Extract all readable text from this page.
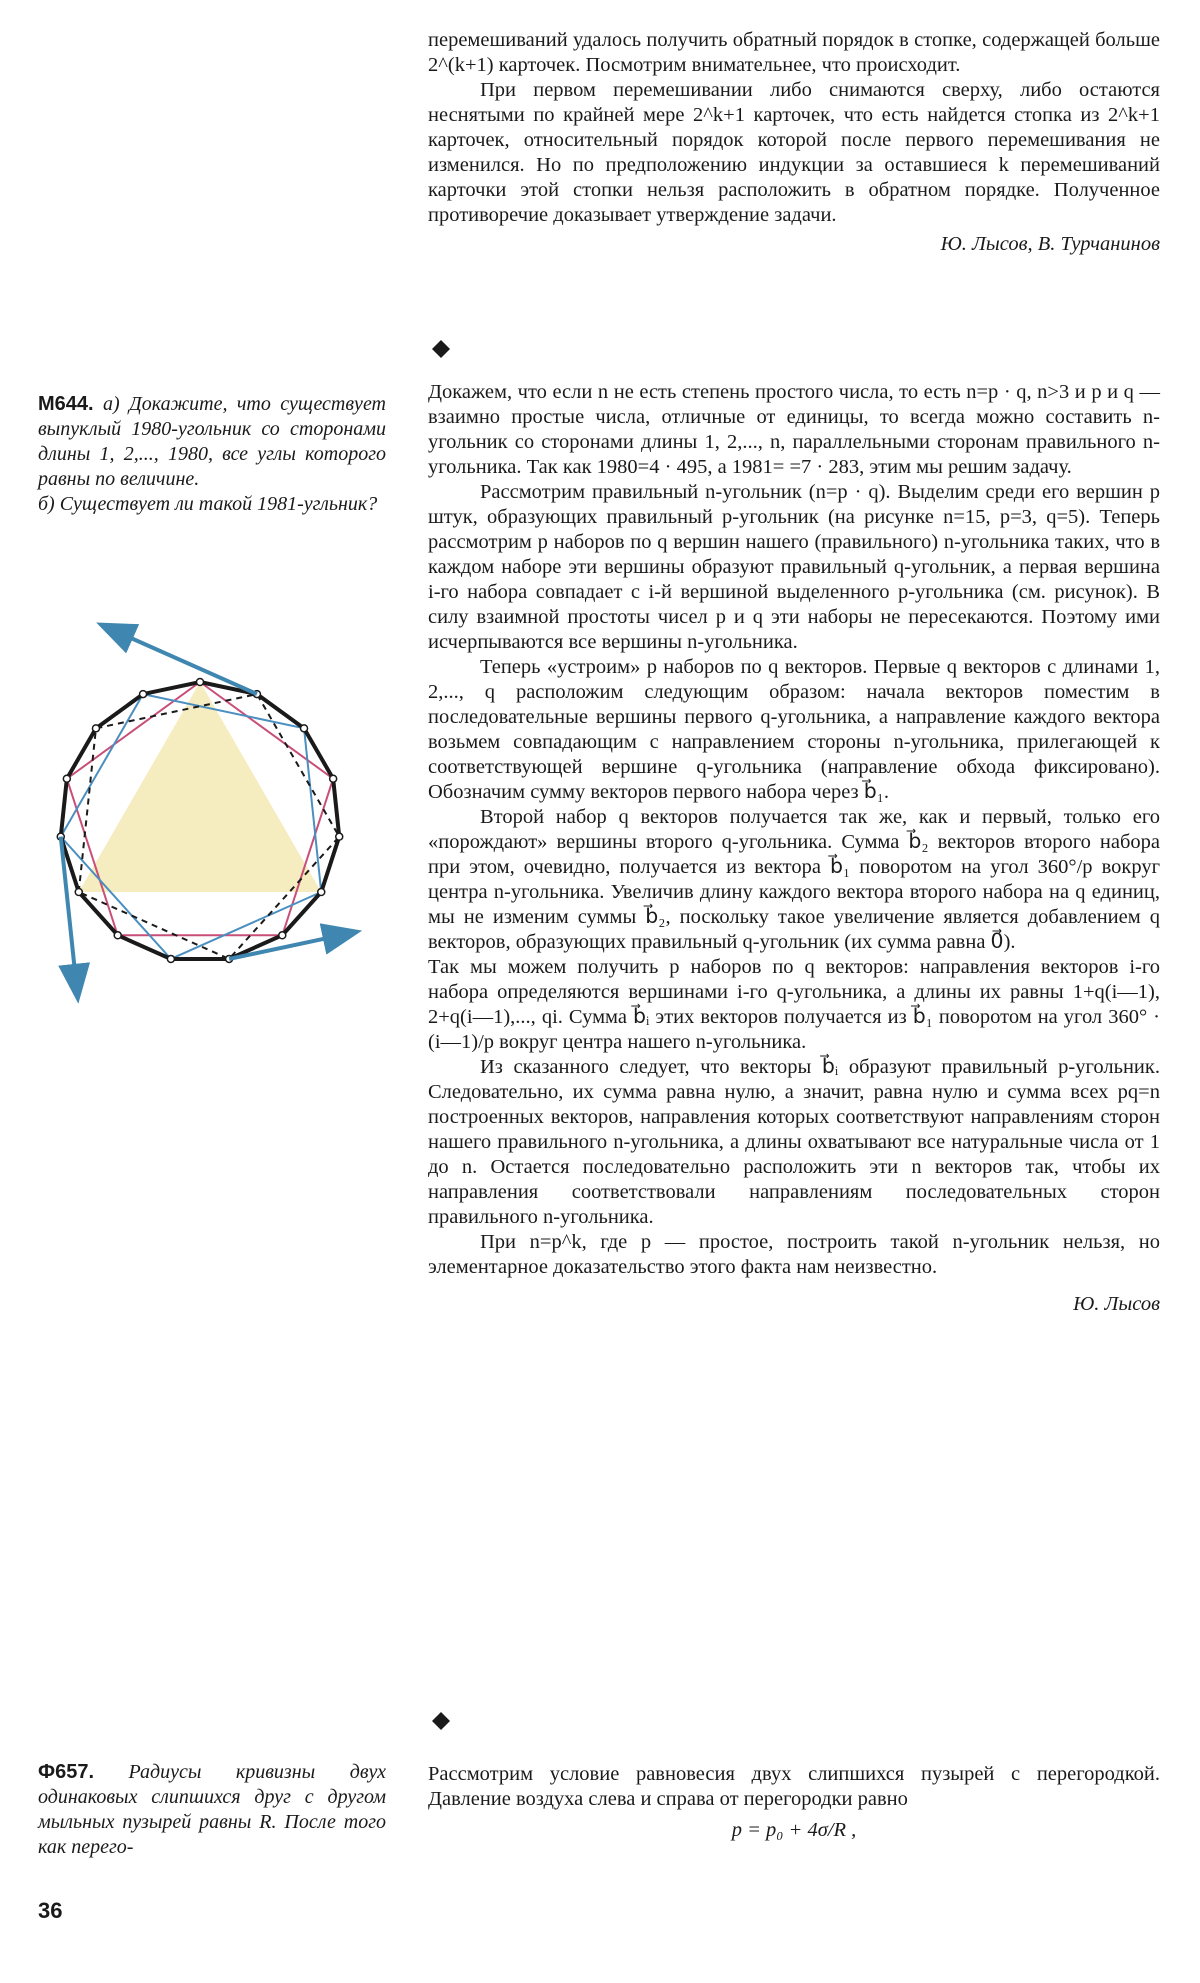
перемешиваний удалось получить обратный порядок в стопке, содержащей больше 2^(k+1) карточек. Посмотрим внимательнее, что происходит.

При первом перемешивании либо снимаются сверху, либо остаются неснятыми по крайней мере 2^k+1 карточек, что есть найдется стопка из 2^k+1 карточек, относительный порядок которой после первого перемешивания не изменился. Но по предположению индукции за оставшиеся k перемешиваний карточки этой стопки нельзя расположить в обратном порядке. Полученное противоречие доказывает утверждение задачи.

Ю. Лысов, В. Турчанинов

М644. а) Докажите, что существует выпуклый 1980-угольник со сторонами длины 1, 2,..., 1980, все углы которого равны по величине.

б) Существует ли такой 1981-угльник?

Докажем, что если n не есть степень простого числа, то есть n=p · q, n>3 и p и q — взаимно простые числа, отличные от единицы, то всегда можно составить n-угольник со сторонами длины 1, 2,..., n, параллельными сторонам правильного n-угольника. Так как 1980=4 · 495, а 1981= =7 · 283, этим мы решим задачу.

Рассмотрим правильный n-угольник (n=p · q). Выделим среди его вершин p штук, образующих правильный p-угольник (на рисунке n=15, p=3, q=5). Теперь рассмотрим p наборов по q вершин нашего (правильного) n-угольника таких, что в каждом наборе эти вершины образуют правильный q-угольник, а первая вершина i-го набора совпадает с i-й вершиной выделенного p-угольника (см. рисунок). В силу взаимной простоты чисел p и q эти наборы не пересекаются. Поэтому ими исчерпываются все вершины n-угольника.

Теперь «устроим» p наборов по q векторов. Первые q векторов с длинами 1, 2,..., q расположим следующим образом: начала векторов поместим в последовательные вершины первого q-угольника, а направление каждого вектора возьмем совпадающим с направлением стороны n-угольника, прилегающей к соответствующей вершине q-угольника (направление обхода фиксировано). Обозначим сумму векторов первого набора через b⃗₁.

Второй набор q векторов получается так же, как и первый, только его «порождают» вершины второго q-угольника. Сумма b⃗₂ векторов второго набора при этом, очевидно, получается из вектора b⃗₁ поворотом на угол 360°/p вокруг центра n-угольника. Увеличив длину каждого вектора второго набора на q единиц, мы не изменим суммы b⃗₂, поскольку такое увеличение является добавлением q векторов, образующих правильный q-угольник (их сумма равна 0⃗).

Так мы можем получить p наборов по q векторов: направления векторов i-го набора определяются вершинами i-го q-угольника, а длины их равны 1+q(i—1), 2+q(i—1),..., qi. Сумма b⃗ᵢ этих векторов получается из b⃗₁ поворотом на угол 360° · (i—1)/p вокруг центра нашего n-угольника.

Из сказанного следует, что векторы b⃗ᵢ образуют правильный p-угольник. Следовательно, их сумма равна нулю, а значит, равна нулю и сумма всех pq=n построенных векторов, направления которых соответствуют направлениям сторон нашего правильного n-угольника, а длины охватывают все натуральные числа от 1 до n. Остается последовательно расположить эти n векторов так, чтобы их направления соответствовали направлениям последовательных сторон правильного n-угольника.

При n=p^k, где p — простое, построить такой n-угольник нельзя, но элементарное доказательство этого факта нам неизвестно.

Ю. Лысов

Ф657. Радиусы кривизны двух одинаковых слипшихся друг с другом мыльных пузырей равны R. После того как перего-

Рассмотрим условие равновесия двух слипшихся пузырей с перегородкой. Давление воздуха слева и справа от перегородки равно

p = p₀ + 4σ/R ,

36
